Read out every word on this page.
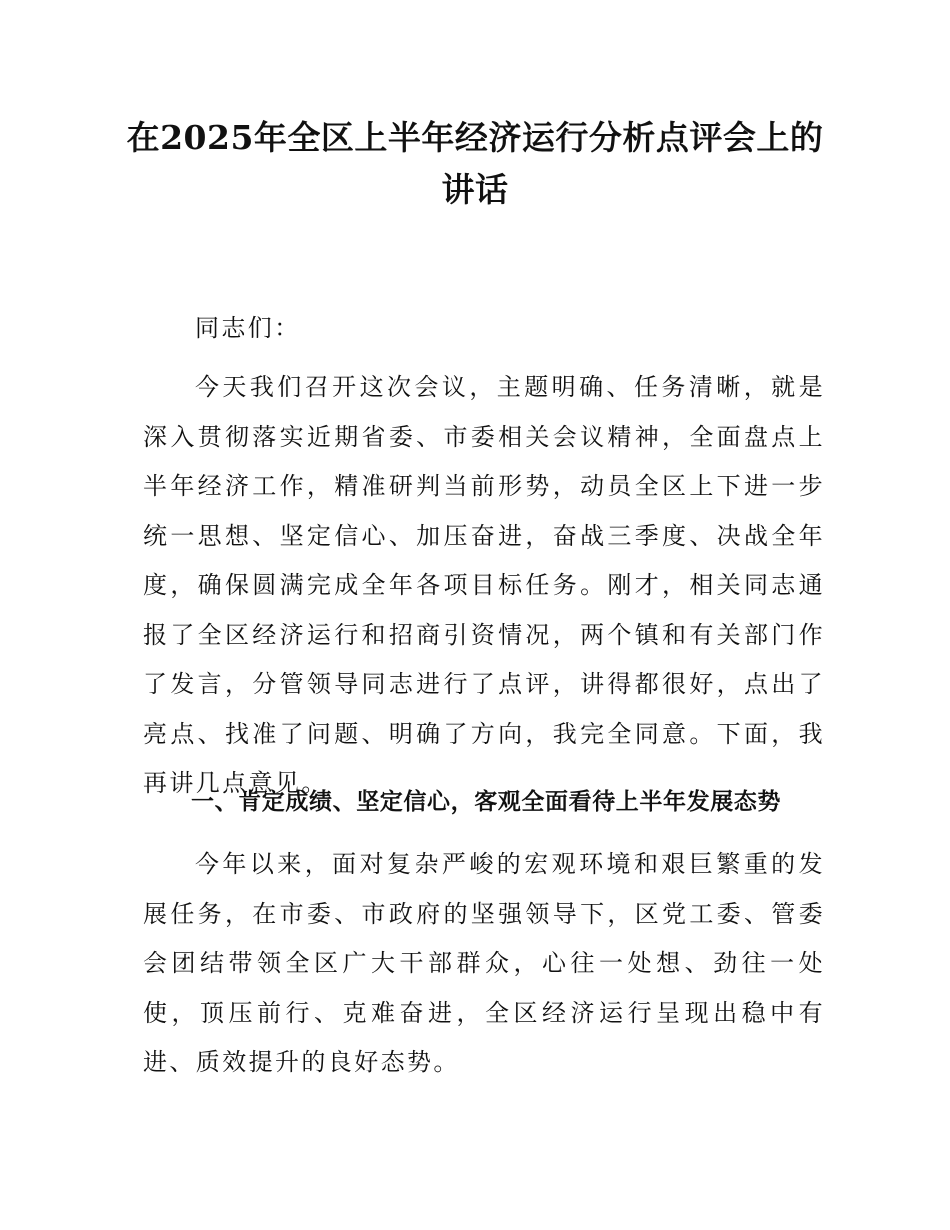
在2025年全区上半年经济运行分析点评会上的讲话

同志们：

今天我们召开这次会议，主题明确、任务清晰，就是深入贯彻落实近期省委、市委相关会议精神，全面盘点上半年经济工作，精准研判当前形势，动员全区上下进一步统一思想、坚定信心、加压奋进，奋战三季度、决战全年度，确保圆满完成全年各项目标任务。刚才，相关同志通报了全区经济运行和招商引资情况，两个镇和有关部门作了发言，分管领导同志进行了点评，讲得都很好，点出了亮点、找准了问题、明确了方向，我完全同意。下面，我再讲几点意见。

一、肯定成绩、坚定信心，客观全面看待上半年发展态势

今年以来，面对复杂严峻的宏观环境和艰巨繁重的发展任务，在市委、市政府的坚强领导下，区党工委、管委会团结带领全区广大干部群众，心往一处想、劲往一处使，顶压前行、克难奋进，全区经济运行呈现出稳中有进、质效提升的良好态势。
